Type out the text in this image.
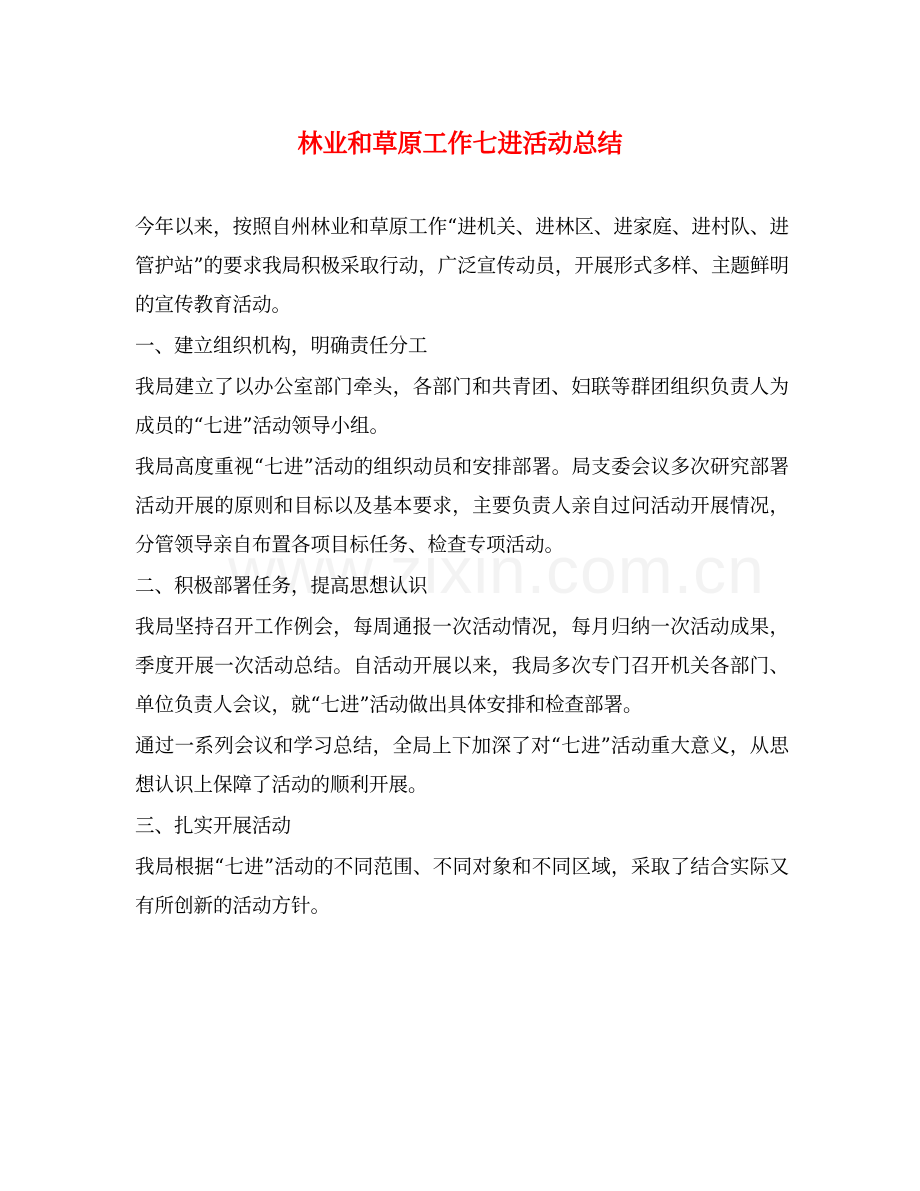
林业和草原工作七进活动总结

今年以来，按照自州林业和草原工作“进机关、进林区、进家庭、进村队、进管护站”的要求我局积极采取行动，广泛宣传动员，开展形式多样、主题鲜明的宣传教育活动。

一、建立组织机构，明确责任分工

我局建立了以办公室部门牵头，各部门和共青团、妇联等群团组织负责人为成员的“七进”活动领导小组。

我局高度重视“七进”活动的组织动员和安排部署。局支委会议多次研究部署活动开展的原则和目标以及基本要求，主要负责人亲自过问活动开展情况，分管领导亲自布置各项目标任务、检查专项活动。

二、积极部署任务，提高思想认识

我局坚持召开工作例会，每周通报一次活动情况，每月归纳一次活动成果，季度开展一次活动总结。自活动开展以来，我局多次专门召开机关各部门、单位负责人会议，就“七进”活动做出具体安排和检查部署。

通过一系列会议和学习总结，全局上下加深了对“七进”活动重大意义，从思想认识上保障了活动的顺利开展。

三、扎实开展活动

我局根据“七进”活动的不同范围、不同对象和不同区域，采取了结合实际又有所创新的活动方针。
